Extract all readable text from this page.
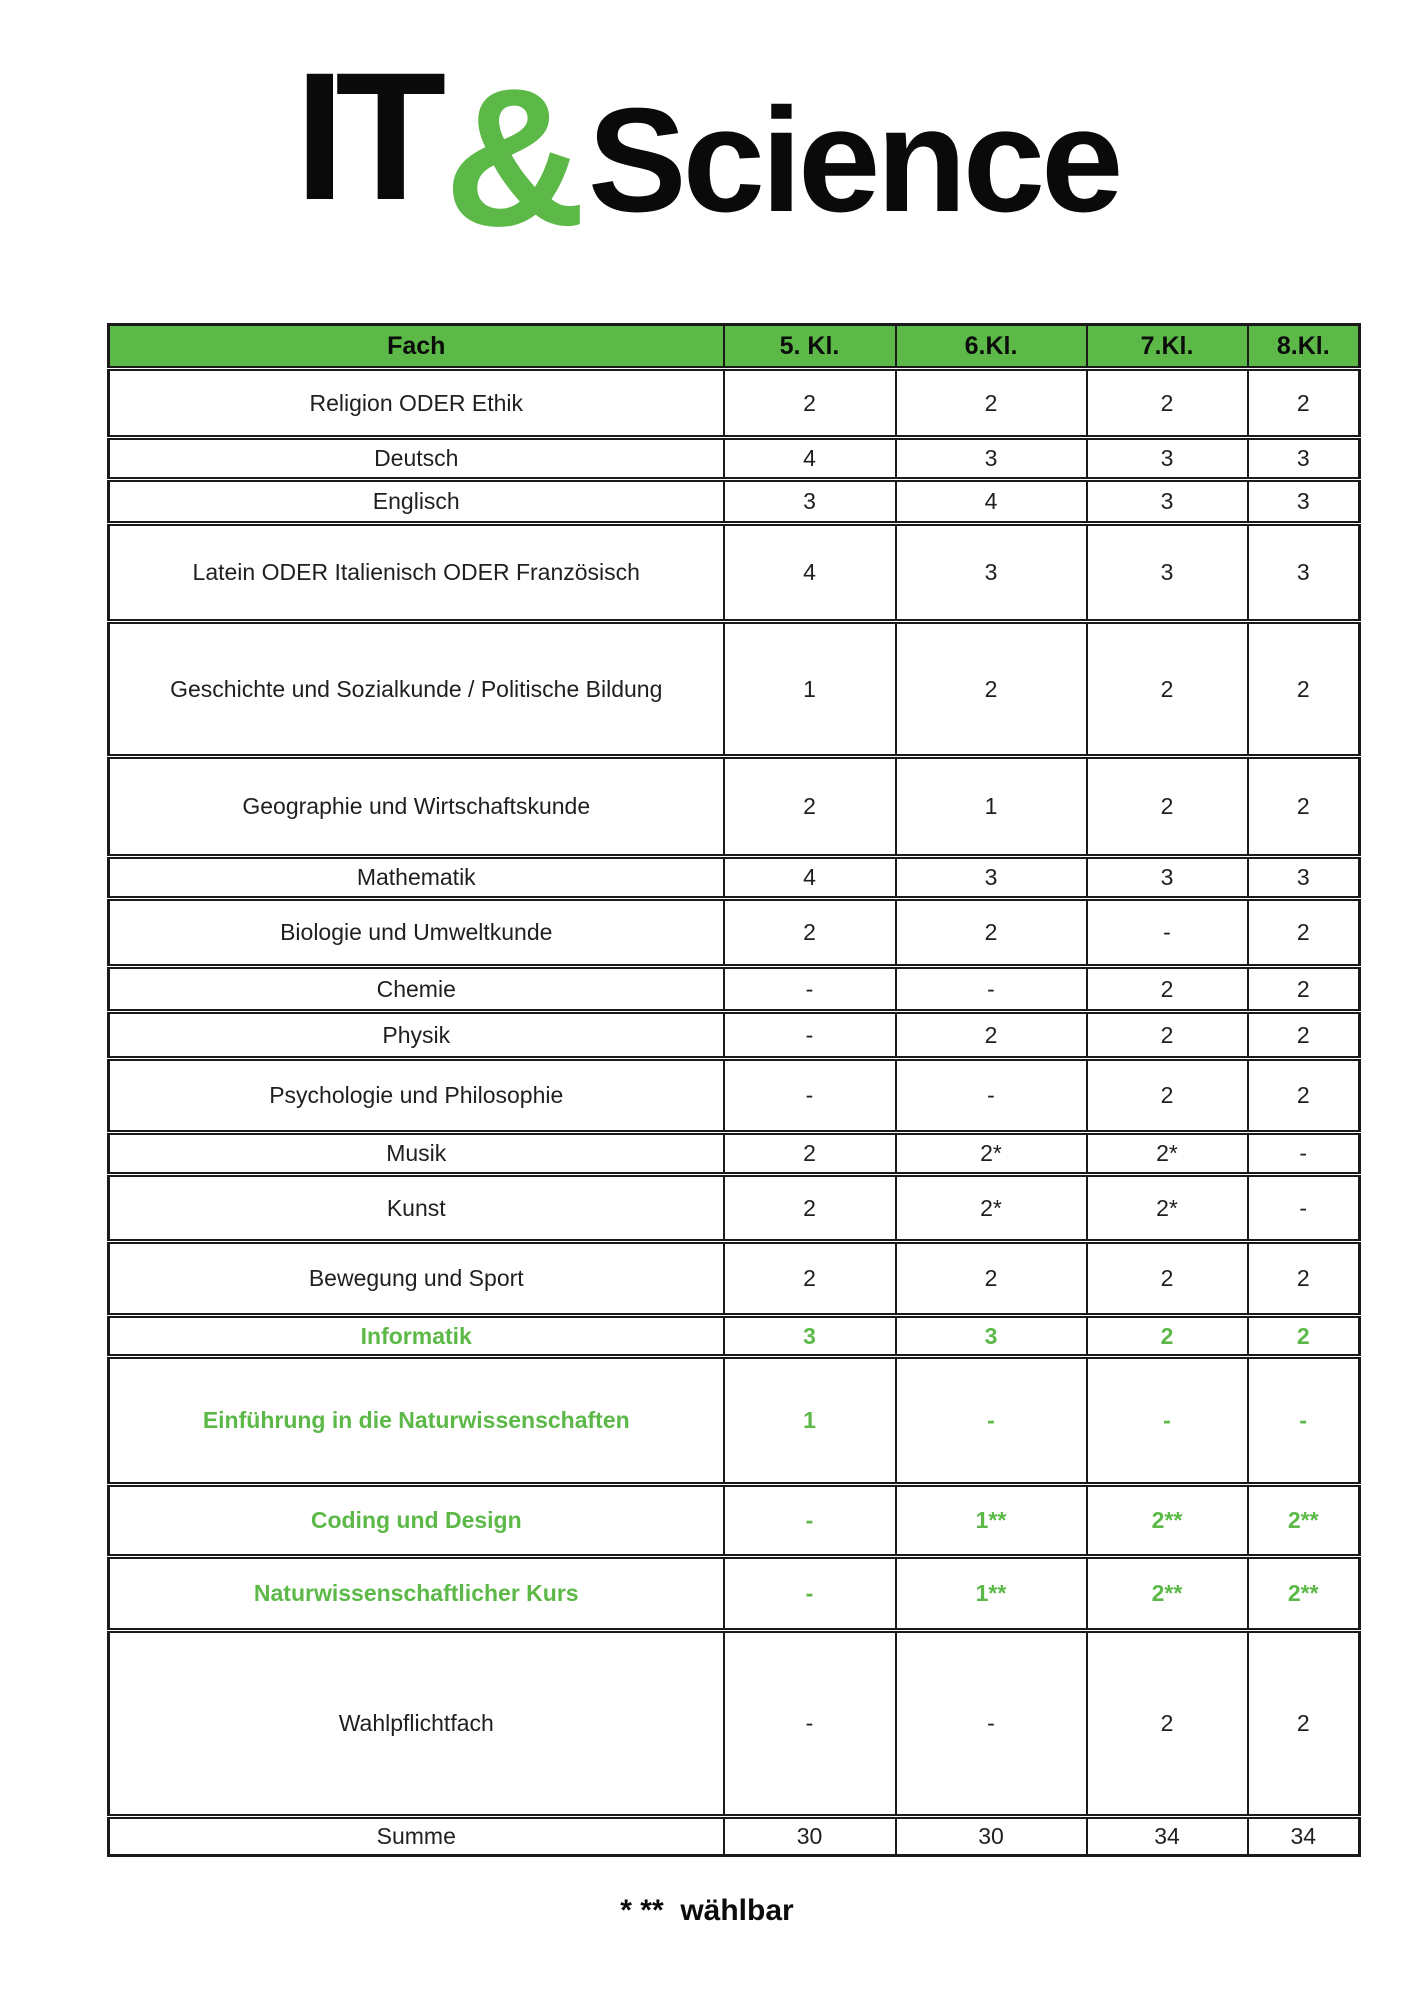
IT & Science
Fach	5. Kl.	6.Kl.	7.Kl.	8.Kl.
Religion ODER Ethik	2	2	2	2
Deutsch	4	3	3	3
Englisch	3	4	3	3
Latein ODER Italienisch ODER Französisch	4	3	3	3
Geschichte und Sozialkunde / Politische Bildung	1	2	2	2
Geographie und Wirtschaftskunde	2	1	2	2
Mathematik	4	3	3	3
Biologie und Umweltkunde	2	2	-	2
Chemie	-	-	2	2
Physik	-	2	2	2
Psychologie und Philosophie	-	-	2	2
Musik	2	2*	2*	-
Kunst	2	2*	2*	-
Bewegung und Sport	2	2	2	2
Informatik	3	3	2	2
Einführung in die Naturwissenschaften	1	-	-	-
Coding und Design	-	1**	2**	2**
Naturwissenschaftlicher Kurs	-	1**	2**	2**
Wahlpflichtfach	-	-	2	2
Summe	30	30	34	34
* **  wählbar
